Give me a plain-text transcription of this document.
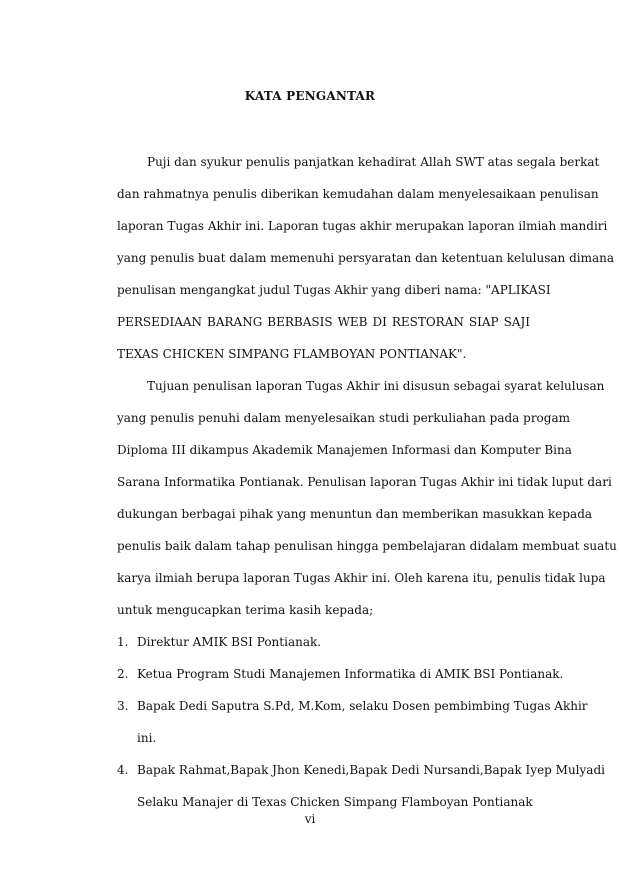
KATA PENGANTAR
Puji dan syukur penulis panjatkan kehadirat Allah SWT atas segala berkat
dan rahmatnya penulis diberikan kemudahan dalam menyelesaikaan penulisan
laporan Tugas Akhir ini. Laporan tugas akhir merupakan laporan ilmiah mandiri
yang penulis buat dalam memenuhi persyaratan dan ketentuan kelulusan dimana
penulisan mengangkat judul Tugas Akhir yang diberi nama: "APLIKASI
PERSEDIAAN BARANG BERBASIS WEB DI RESTORAN SIAP SAJI
TEXAS CHICKEN SIMPANG FLAMBOYAN PONTIANAK".
Tujuan penulisan laporan Tugas Akhir ini disusun sebagai syarat kelulusan
yang penulis penuhi dalam menyelesaikan studi perkuliahan pada progam
Diploma III dikampus Akademik Manajemen Informasi dan Komputer Bina
Sarana Informatika Pontianak. Penulisan laporan Tugas Akhir ini tidak luput dari
dukungan berbagai pihak yang menuntun dan memberikan masukkan kepada
penulis baik dalam tahap penulisan hingga pembelajaran didalam membuat suatu
karya ilmiah berupa laporan Tugas Akhir ini. Oleh karena itu, penulis tidak lupa
untuk mengucapkan terima kasih kepada;
1. Direktur AMIK BSI Pontianak.
2. Ketua Program Studi Manajemen Informatika di AMIK BSI Pontianak.
3. Bapak Dedi Saputra S.Pd, M.Kom, selaku Dosen pembimbing Tugas Akhir
ini.
4. Bapak Rahmat,Bapak Jhon Kenedi,Bapak Dedi Nursandi,Bapak Iyep Mulyadi
Selaku Manajer di Texas Chicken Simpang Flamboyan Pontianak
vi
